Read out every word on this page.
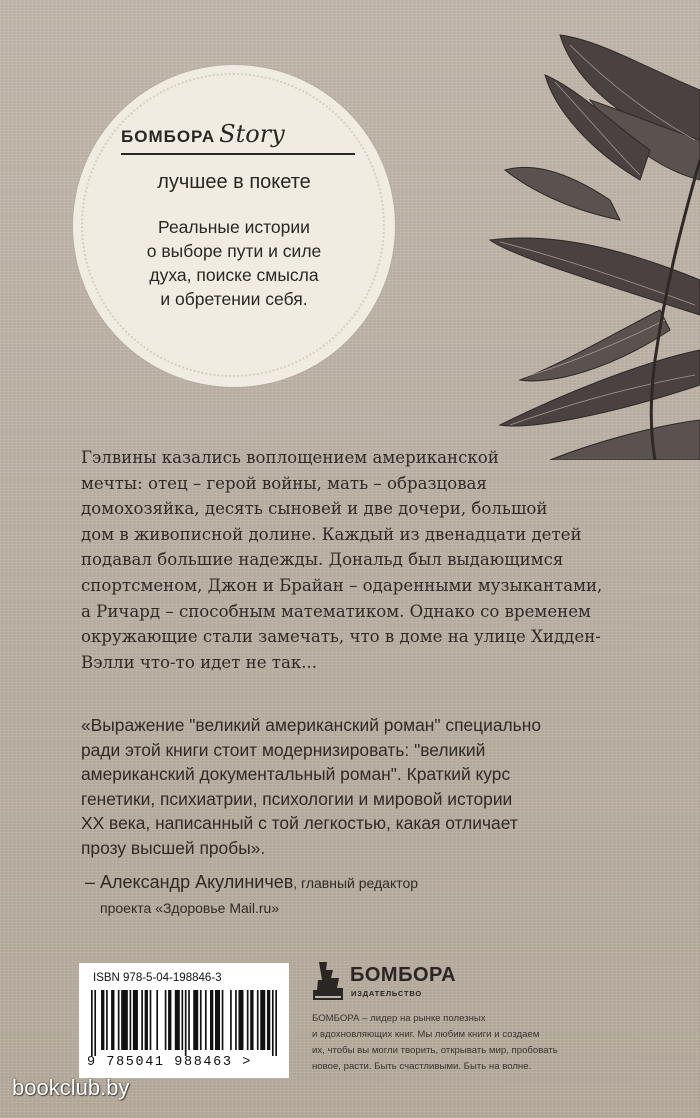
БОМБОРА Story
лучшее в покете
Реальные истории
о выборе пути и силе
духа, поиске смысла
и обретении себя.
Гэлвины казались воплощением американской
мечты: отец – герой войны, мать – образцовая
домохозяйка, десять сыновей и две дочери, большой
дом в живописной долине. Каждый из двенадцати детей
подавал большие надежды. Дональд был выдающимся
спортсменом, Джон и Брайан – одаренными музыкантами,
а Ричард – способным математиком. Однако со временем
окружающие стали замечать, что в доме на улице Хидден-
Вэлли что-то идет не так...
«Выражение "великий американский роман" специально
ради этой книги стоит модернизировать: "великий
американский документальный роман". Краткий курс
генетики, психиатрии, психологии и мировой истории
XX века, написанный с той легкостью, какая отличает
прозу высшей пробы».
– Александр Акулиничев, главный редактор
проекта «Здоровье Mail.ru»
ISBN 978-5-04-198846-3
9 785041 988463 >
БОМБОРА
ИЗДАТЕЛЬСТВО
БОМБОРА – лидер на рынке полезных
и вдохновляющих книг. Мы любим книги и создаем
их, чтобы вы могли творить, открывать мир, пробовать
новое, расти. Быть счастливыми. Быть на волне.
bookclub.by
